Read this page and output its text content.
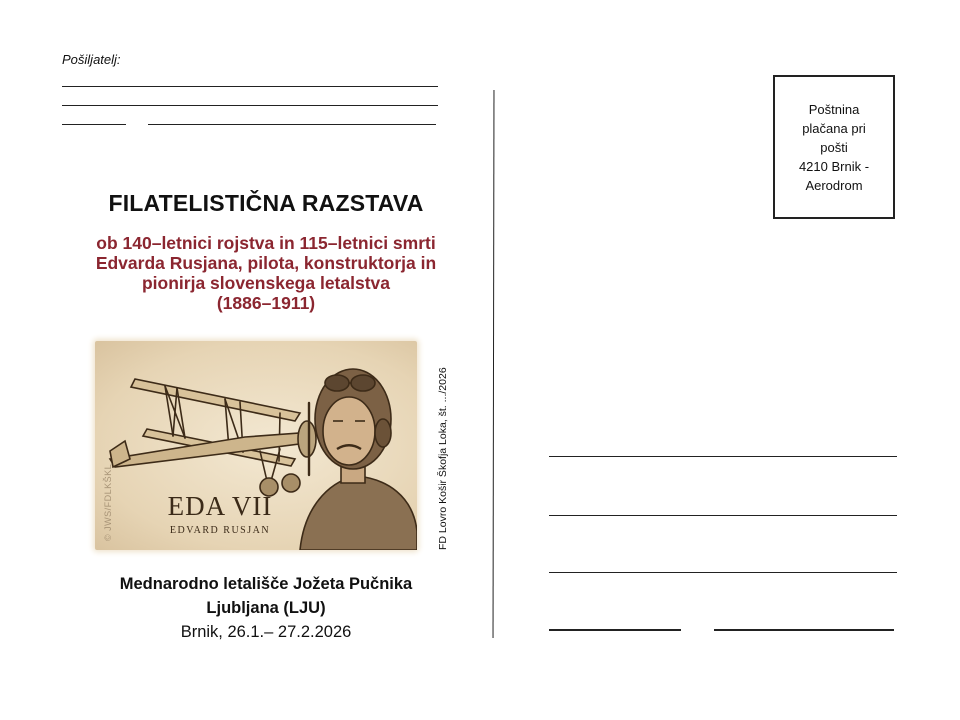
Pošiljatelj:
Poštnina
plačana pri
pošti
4210 Brnik -
Aerodrom
FILATELISTIČNA RAZSTAVA
ob 140–letnici rojstva in 115–letnici smrti
Edvarda Rusjana, pilota, konstruktorja in
pionirja slovenskega letalstva
(1886–1911)
EDA VII
EDVARD RUSJAN
© JWS/FDLKŠKL	FD Lovro Košir Škofja Loka, št. .../2026
Mednarodno letališče Jožeta Pučnika
Ljubljana (LJU)
Brnik, 26.1.– 27.2.2026
